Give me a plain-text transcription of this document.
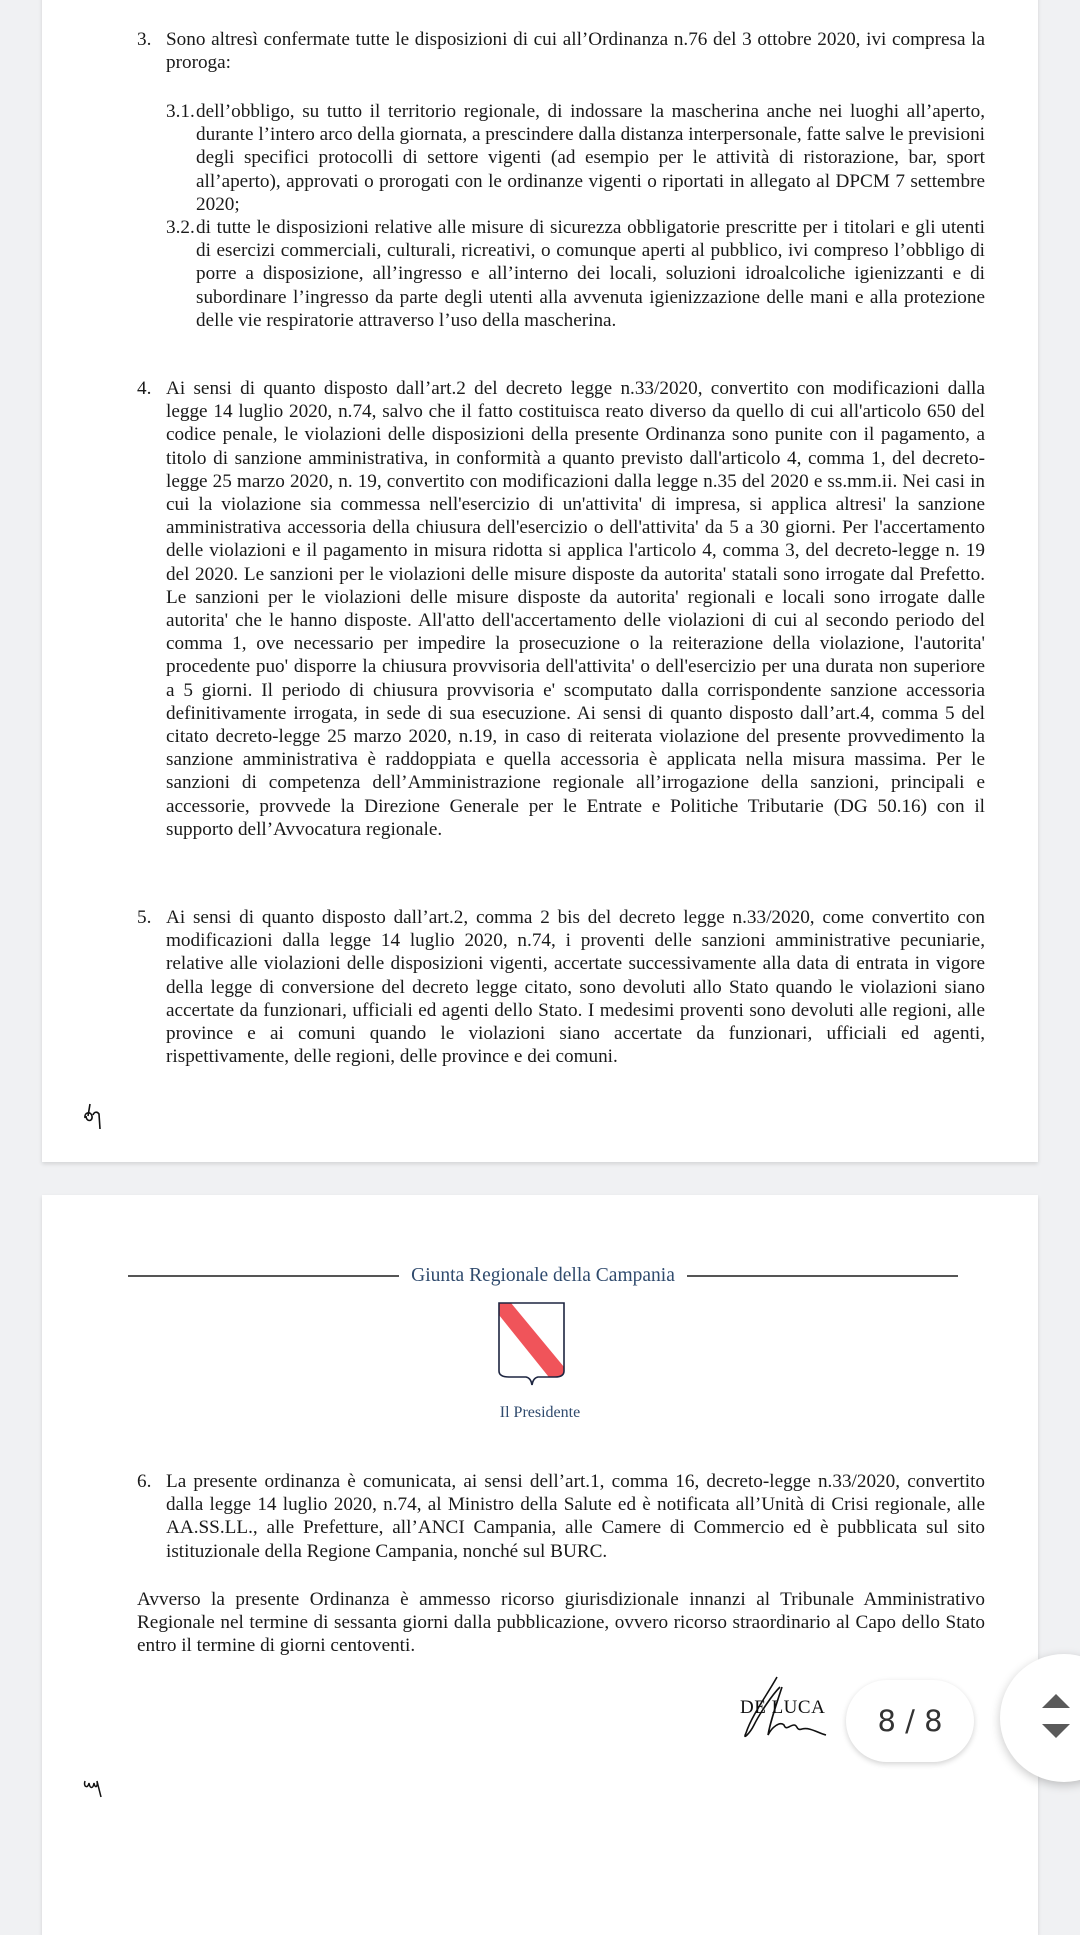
3. Sono altresì confermate tutte le disposizioni di cui all’Ordinanza n.76 del 3 ottobre 2020, ivi compresa la proroga:
3.1. dell’obbligo, su tutto il territorio regionale, di indossare la mascherina anche nei luoghi all’aperto, durante l’intero arco della giornata, a prescindere dalla distanza interpersonale, fatte salve le previsioni degli specifici protocolli di settore vigenti (ad esempio per le attività di ristorazione, bar, sport all’aperto), approvati o prorogati con le ordinanze vigenti o riportati in allegato al DPCM 7 settembre 2020;
3.2. di tutte le disposizioni relative alle misure di sicurezza obbligatorie prescritte per i titolari e gli utenti di esercizi commerciali, culturali, ricreativi, o comunque aperti al pubblico, ivi compreso l’obbligo di porre a disposizione, all’ingresso e all’interno dei locali, soluzioni idroalcoliche igienizzanti e di subordinare l’ingresso da parte degli utenti alla avvenuta igienizzazione delle mani e alla protezione delle vie respiratorie attraverso l’uso della mascherina.
4. Ai sensi di quanto disposto dall’art.2 del decreto legge n.33/2020, convertito con modificazioni dalla legge 14 luglio 2020, n.74, salvo che il fatto costituisca reato diverso da quello di cui all'articolo 650 del codice penale, le violazioni delle disposizioni della presente Ordinanza sono punite con il pagamento, a titolo di sanzione amministrativa, in conformità a quanto previsto dall'articolo 4, comma 1, del decreto-legge 25 marzo 2020, n. 19, convertito con modificazioni dalla legge n.35 del 2020 e ss.mm.ii. Nei casi in cui la violazione sia commessa nell'esercizio di un'attivita' di impresa, si applica altresi' la sanzione amministrativa accessoria della chiusura dell'esercizio o dell'attivita' da 5 a 30 giorni. Per l'accertamento delle violazioni e il pagamento in misura ridotta si applica l'articolo 4, comma 3, del decreto-legge n. 19 del 2020. Le sanzioni per le violazioni delle misure disposte da autorita' statali sono irrogate dal Prefetto. Le sanzioni per le violazioni delle misure disposte da autorita' regionali e locali sono irrogate dalle autorita' che le hanno disposte. All'atto dell'accertamento delle violazioni di cui al secondo periodo del comma 1, ove necessario per impedire la prosecuzione o la reiterazione della violazione, l'autorita' procedente puo' disporre la chiusura provvisoria dell'attivita' o dell'esercizio per una durata non superiore a 5 giorni. Il periodo di chiusura provvisoria e' scomputato dalla corrispondente sanzione accessoria definitivamente irrogata, in sede di sua esecuzione. Ai sensi di quanto disposto dall’art.4, comma 5 del citato decreto-legge 25 marzo 2020, n.19, in caso di reiterata violazione del presente provvedimento la sanzione amministrativa è raddoppiata e quella accessoria è applicata nella misura massima. Per le sanzioni di competenza dell’Amministrazione regionale all’irrogazione della sanzioni, principali e accessorie, provvede la Direzione Generale per le Entrate e Politiche Tributarie (DG 50.16) con il supporto dell’Avvocatura regionale.
5. Ai sensi di quanto disposto dall’art.2, comma 2 bis del decreto legge n.33/2020, come convertito con modificazioni dalla legge 14 luglio 2020, n.74, i proventi delle sanzioni amministrative pecuniarie, relative alle violazioni delle disposizioni vigenti, accertate successivamente alla data di entrata in vigore della legge di conversione del decreto legge citato, sono devoluti allo Stato quando le violazioni siano accertate da funzionari, ufficiali ed agenti dello Stato. I medesimi proventi sono devoluti alle regioni, alle province e ai comuni quando le violazioni siano accertate da funzionari, ufficiali ed agenti, rispettivamente, delle regioni, delle province e dei comuni.
Giunta Regionale della Campania
Il Presidente
6. La presente ordinanza è comunicata, ai sensi dell’art.1, comma 16, decreto-legge n.33/2020, convertito dalla legge 14 luglio 2020, n.74, al Ministro della Salute ed è notificata all’Unità di Crisi regionale, alle AA.SS.LL., alle Prefetture, all’ANCI Campania, alle Camere di Commercio ed è pubblicata sul sito istituzionale della Regione Campania, nonché sul BURC.
Avverso la presente Ordinanza è ammesso ricorso giurisdizionale innanzi al Tribunale Amministrativo Regionale nel termine di sessanta giorni dalla pubblicazione, ovvero ricorso straordinario al Capo dello Stato entro il termine di giorni centoventi.
DE LUCA	8 / 8
